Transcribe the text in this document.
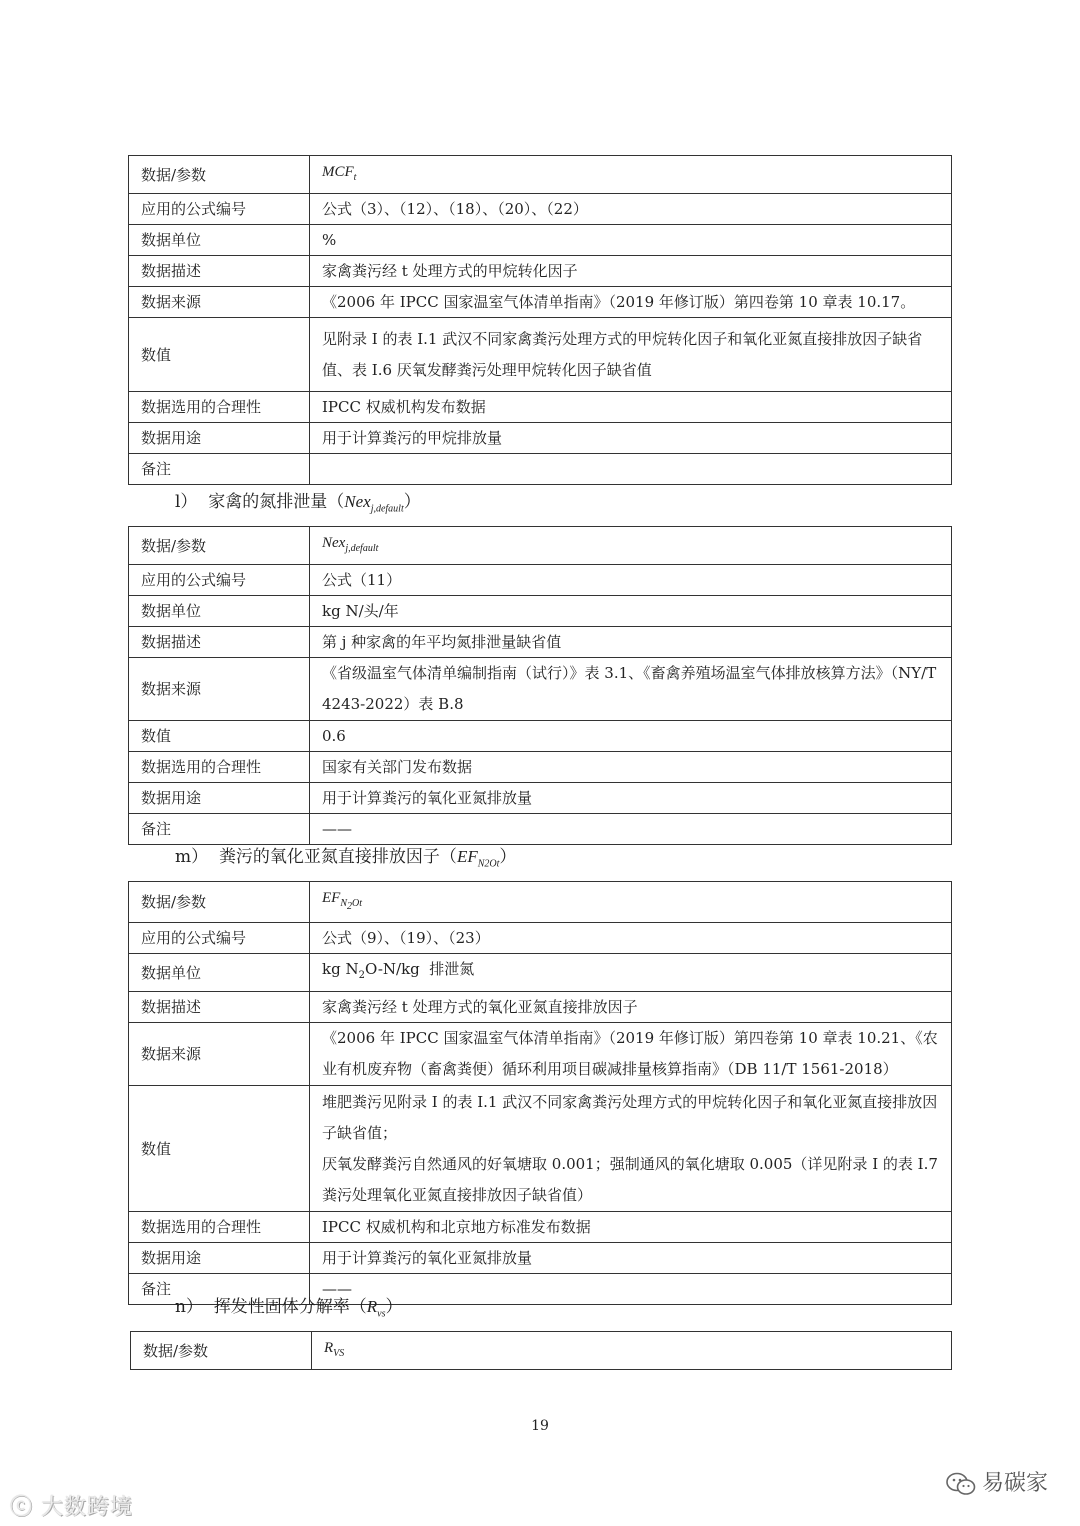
数据/参数	$MCF_t$
应用的公式编号	公式（3）、（12）、（18）、（20）、（22）
数据单位	%
数据描述	家禽粪污经 t 处理方式的甲烷转化因子
数据来源	《2006 年 IPCC 国家温室气体清单指南》（2019 年修订版）第四卷第 10 章表 10.17。
数值	见附录 I 的表 I.1 武汉不同家禽粪污处理方式的甲烷转化因子和氧化亚氮直接排放因子缺省值、表 I.6 厌氧发酵粪污处理甲烷转化因子缺省值
数据选用的合理性	IPCC 权威机构发布数据
数据用途	用于计算粪污的甲烷排放量
备注	
l） 家禽的氮排泄量（Nex$_{j,default}$）
数据/参数	Nex$_{j,default}$
应用的公式编号	公式（11）
数据单位	kg N/头/年
数据描述	第 j 种家禽的年平均氮排泄量缺省值
数据来源	《省级温室气体清单编制指南（试行）》表 3.1、《畜禽养殖场温室气体排放核算方法》（NY/T 4243-2022）表 B.8
数值	0.6
数据选用的合理性	国家有关部门发布数据
数据用途	用于计算粪污的氧化亚氮排放量
备注	——
m） 粪污的氧化亚氮直接排放因子$(EF_{N2Ot})$
数据/参数	$EF_{N_2Ot}$
应用的公式编号	公式（9）、（19）、（23）
数据单位	kg $N_2O-N/kg$  排泄氮
数据描述	家禽粪污经 t 处理方式的氧化亚氮直接排放因子
数据来源	《2006 年 IPCC 国家温室气体清单指南》（2019 年修订版）第四卷第 10 章表 10.21、《农业有机废弃物（畜禽粪便）循环利用项目碳减排量核算指南》（DB 11/T 1561-2018）
数值	堆肥粪污见附录 I 的表 I.1 武汉不同家禽粪污处理方式的甲烷转化因子和氧化亚氮直接排放因子缺省值；
厌氧发酵粪污自然通风的好氧塘取 0.001；强制通风的氧化塘取 0.005（详见附录 I 的表 I.7 粪污处理氧化亚氮直接排放因子缺省值）

数据选用的合理性	IPCC 权威机构和北京地方标准发布数据
数据用途	用于计算粪污的氧化亚氮排放量
备注	——
n） 挥发性固体分解率$(R_{vs})$
数据/参数	$R_{VS}$
19
ⓒ 大数跨境
易碳家
